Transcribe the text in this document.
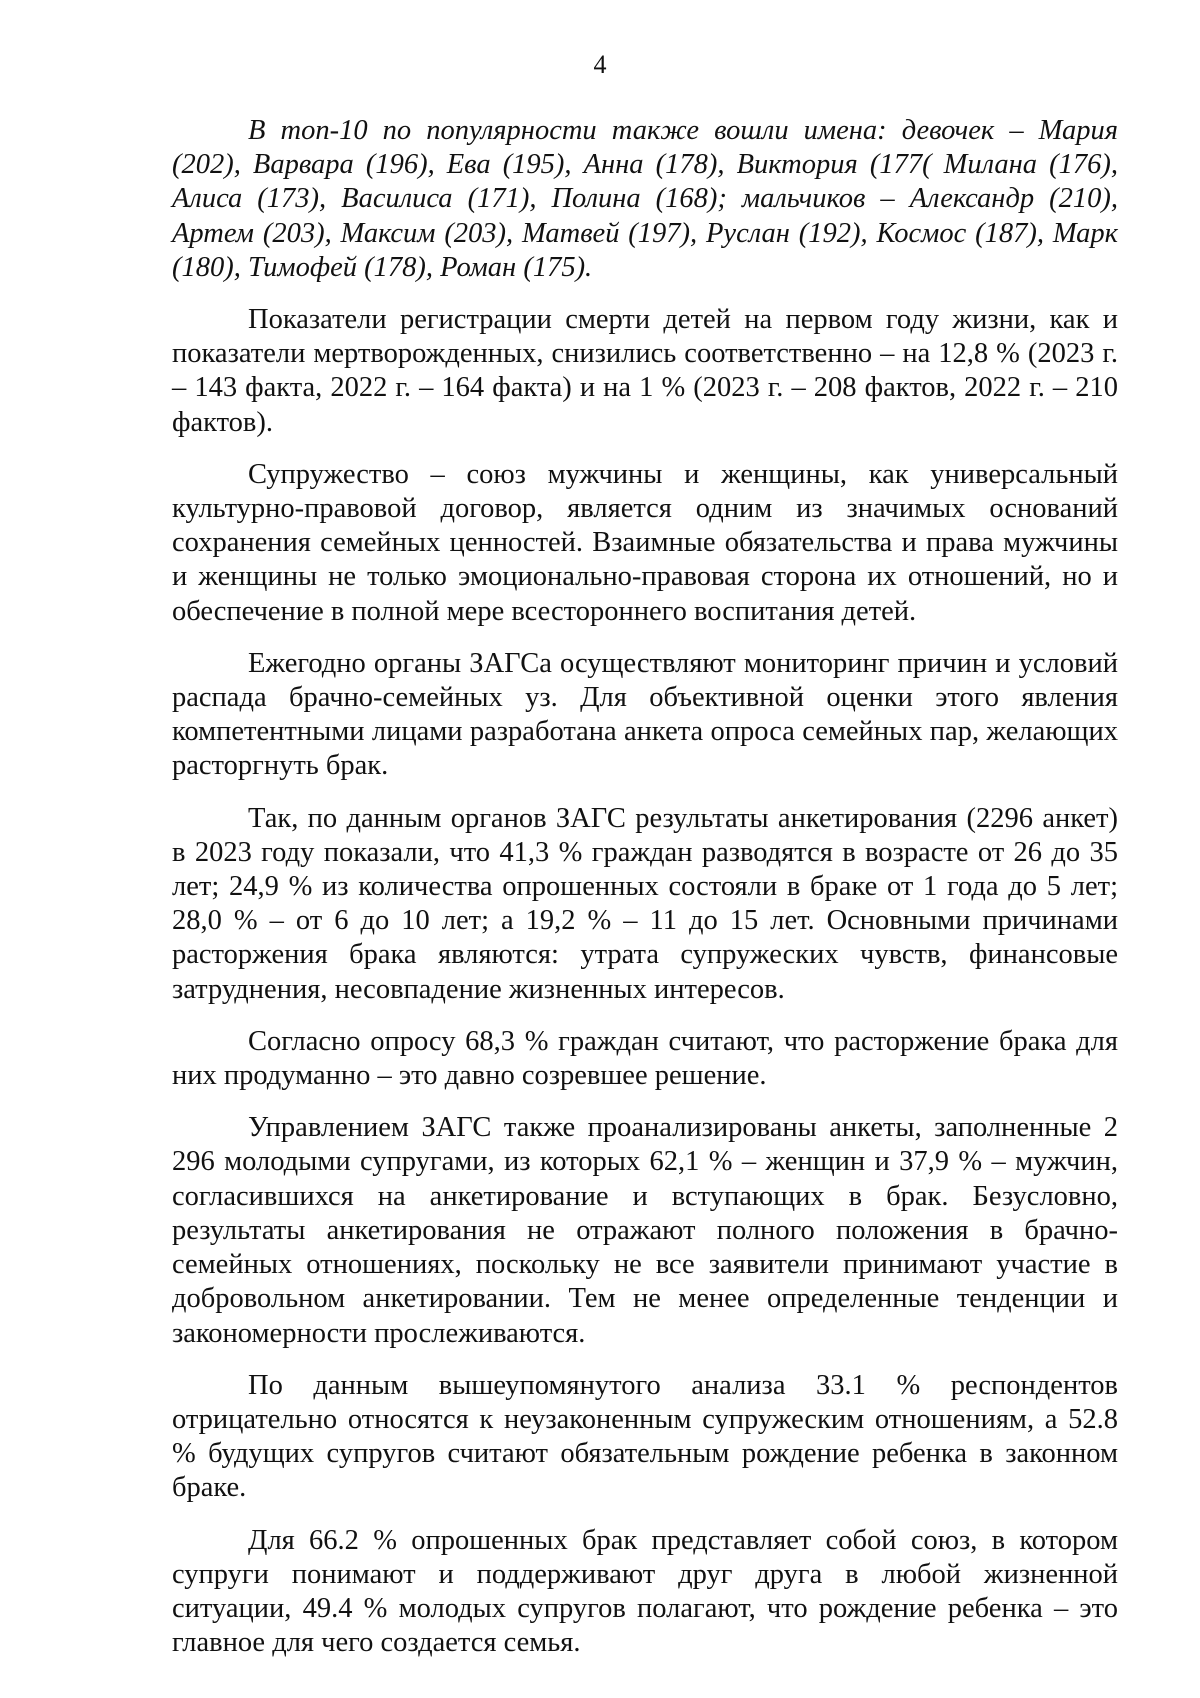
4

В топ-10 по популярности также вошли имена: девочек – Мария (202), Варвара (196), Ева (195), Анна (178), Виктория (177( Милана (176), Алиса (173), Василиса (171), Полина (168); мальчиков – Александр (210), Артем (203), Максим (203), Матвей (197), Руслан (192), Космос (187), Марк (180), Тимофей (178), Роман (175).

Показатели регистрации смерти детей на первом году жизни, как и показатели мертворожденных, снизились соответственно – на 12,8 % (2023 г. – 143 факта, 2022 г. – 164 факта) и на 1 % (2023 г. – 208 фактов, 2022 г. – 210 фактов).

Супружество – союз мужчины и женщины, как универсальный культурно-правовой договор, является одним из значимых оснований сохранения семейных ценностей. Взаимные обязательства и права мужчины и женщины не только эмоционально-правовая сторона их отношений, но и обеспечение в полной мере всестороннего воспитания детей.

Ежегодно органы ЗАГСа осуществляют мониторинг причин и условий распада брачно-семейных уз. Для объективной оценки этого явления компетентными лицами разработана анкета опроса семейных пар, желающих расторгнуть брак.

Так, по данным органов ЗАГС результаты анкетирования (2296 анкет) в 2023 году показали, что 41,3 % граждан разводятся в возрасте от 26 до 35 лет; 24,9 % из количества опрошенных состояли в браке от 1 года до 5 лет; 28,0 % – от 6 до 10 лет; а 19,2 % – 11 до 15 лет. Основными причинами расторжения брака являются: утрата супружеских чувств, финансовые затруднения, несовпадение жизненных интересов.

Согласно опросу 68,3 % граждан считают, что расторжение брака для них продуманно – это давно созревшее решение.

Управлением ЗАГС также проанализированы анкеты, заполненные 2 296 молодыми супругами, из которых 62,1 % – женщин и 37,9 % – мужчин, согласившихся на анкетирование и вступающих в брак. Безусловно, результаты анкетирования не отражают полного положения в брачно-семейных отношениях, поскольку не все заявители принимают участие в добровольном анкетировании. Тем не менее определенные тенденции и закономерности прослеживаются.

По данным вышеупомянутого анализа 33.1 % респондентов отрицательно относятся к неузаконенным супружеским отношениям, а 52.8 % будущих супругов считают обязательным рождение ребенка в законном браке.

Для 66.2 % опрошенных брак представляет собой союз, в котором супруги понимают и поддерживают друг друга в любой жизненной ситуации, 49.4 % молодых супругов полагают, что рождение ребенка – это главное для чего создается семья.
